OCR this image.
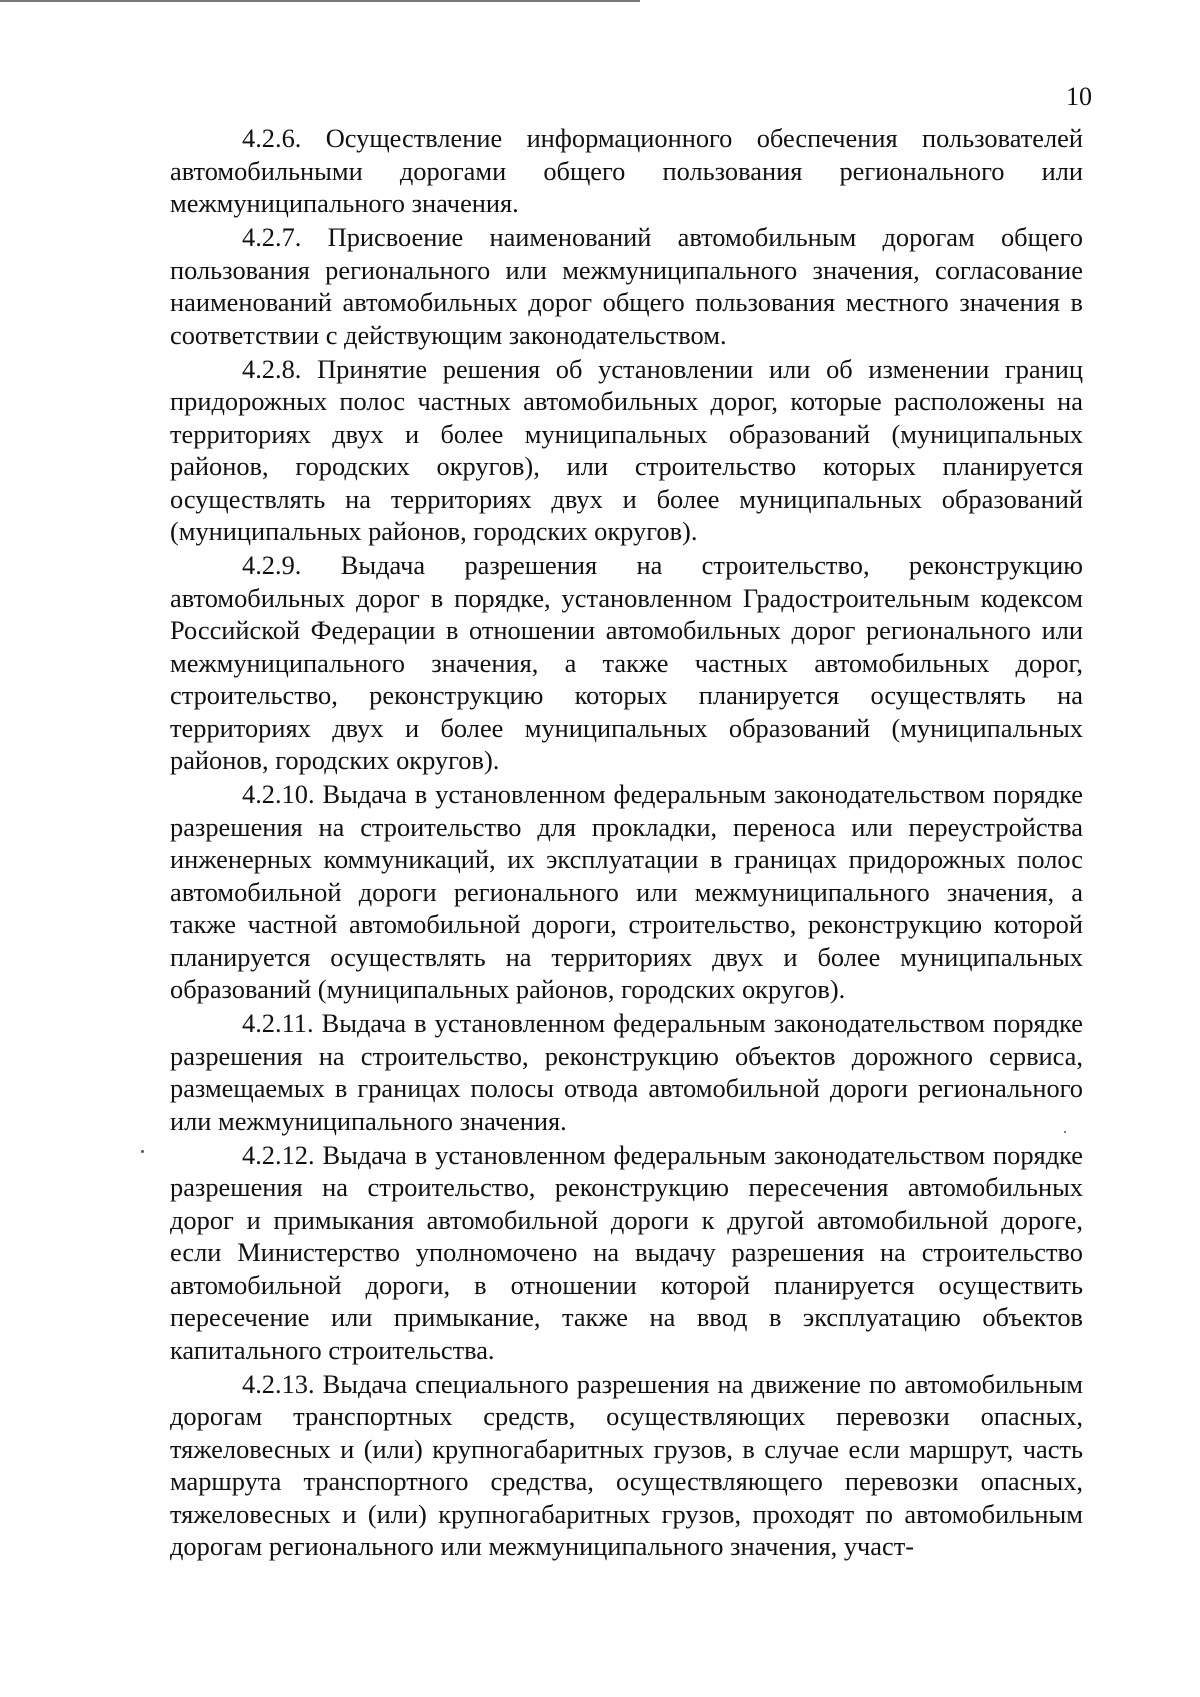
10

4.2.6. Осуществление информационного обеспечения пользователей автомобильными дорогами общего пользования регионального или межмуниципального значения.

4.2.7. Присвоение наименований автомобильным дорогам общего пользования регионального или межмуниципального значения, согласование наименований автомобильных дорог общего пользования местного значения в соответствии с действующим законодательством.

4.2.8. Принятие решения об установлении или об изменении границ придорожных полос частных автомобильных дорог, которые расположены на территориях двух и более муниципальных образований (муниципальных районов, городских округов), или строительство которых планируется осуществлять на территориях двух и более муниципальных образований (муниципальных районов, городских округов).

4.2.9. Выдача разрешения на строительство, реконструкцию автомобильных дорог в порядке, установленном Градостроительным кодексом Российской Федерации в отношении автомобильных дорог регионального или межмуниципального значения, а также частных автомобильных дорог, строительство, реконструкцию которых планируется осуществлять на территориях двух и более муниципальных образований (муниципальных районов, городских округов).

4.2.10. Выдача в установленном федеральным законодательством порядке разрешения на строительство для прокладки, переноса или переустройства инженерных коммуникаций, их эксплуатации в границах придорожных полос автомобильной дороги регионального или межмуниципального значения, а также частной автомобильной дороги, строительство, реконструкцию которой планируется осуществлять на территориях двух и более муниципальных образований (муниципальных районов, городских округов).

4.2.11. Выдача в установленном федеральным законодательством порядке разрешения на строительство, реконструкцию объектов дорожного сервиса, размещаемых в границах полосы отвода автомобильной дороги регионального или межмуниципального значения.

4.2.12. Выдача в установленном федеральным законодательством порядке разрешения на строительство, реконструкцию пересечения автомобильных дорог и примыкания автомобильной дороги к другой автомобильной дороге, если Министерство уполномочено на выдачу разрешения на строительство автомобильной дороги, в отношении которой планируется осуществить пересечение или примыкание, также на ввод в эксплуатацию объектов капитального строительства.

4.2.13. Выдача специального разрешения на движение по автомобильным дорогам транспортных средств, осуществляющих перевозки опасных, тяжеловесных и (или) крупногабаритных грузов, в случае если маршрут, часть маршрута транспортного средства, осуществляющего перевозки опасных, тяжеловесных и (или) крупногабаритных грузов, проходят по автомобильным дорогам регионального или межмуниципального значения, участ-
